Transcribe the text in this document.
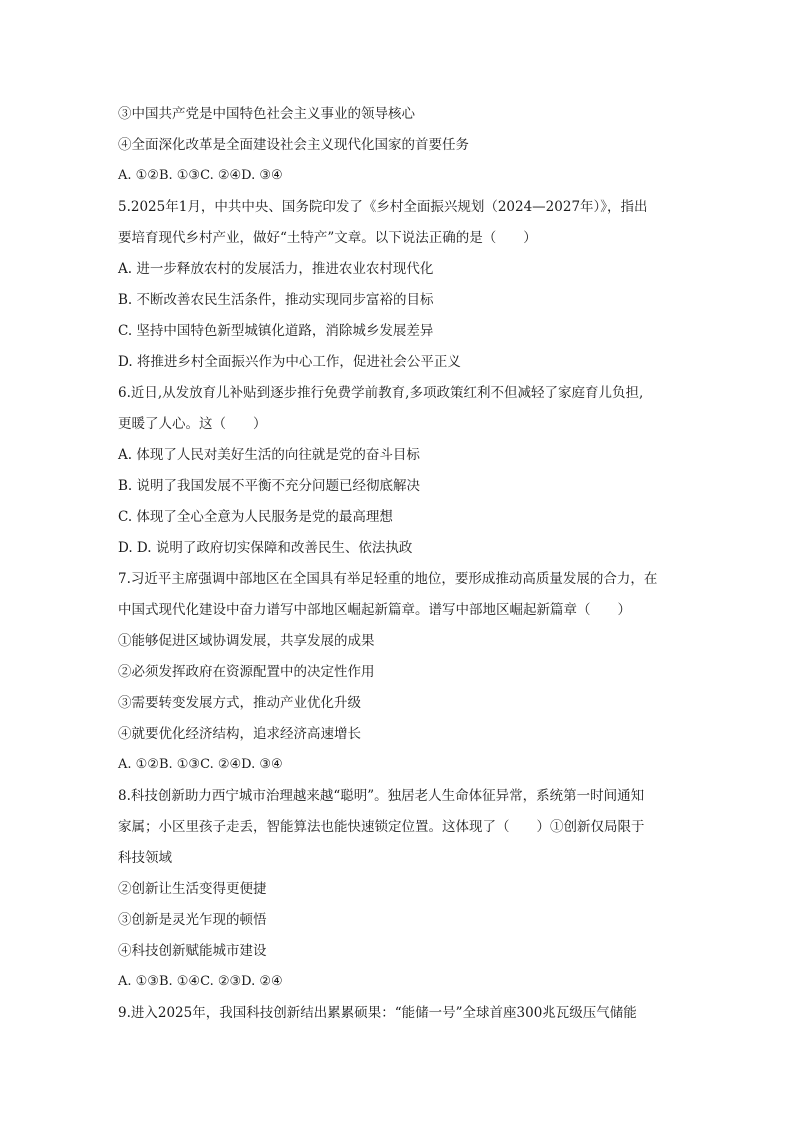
③中国共产党是中国特色社会主义事业的领导核心
④全面深化改革是全面建设社会主义现代化国家的首要任务
A. ①②B. ①③C. ②④D. ③④
5.2025年1月，中共中央、国务院印发了《乡村全面振兴规划（2024—2027年）》，指出
要培育现代乡村产业，做好“土特产”文章。以下说法正确的是（　　）
A. 进一步释放农村的发展活力，推进农业农村现代化
B. 不断改善农民生活条件，推动实现同步富裕的目标
C. 坚持中国特色新型城镇化道路，消除城乡发展差异
D. 将推进乡村全面振兴作为中心工作，促进社会公平正义
6.近日,从发放育儿补贴到逐步推行免费学前教育,多项政策红利不但减轻了家庭育儿负担,
更暖了人心。这（　　）
A. 体现了人民对美好生活的向往就是党的奋斗目标
B. 说明了我国发展不平衡不充分问题已经彻底解决
C. 体现了全心全意为人民服务是党的最高理想
D. D. 说明了政府切实保障和改善民生、依法执政
7.习近平主席强调中部地区在全国具有举足轻重的地位，要形成推动高质量发展的合力，在
中国式现代化建设中奋力谱写中部地区崛起新篇章。谱写中部地区崛起新篇章（　　）
①能够促进区域协调发展，共享发展的成果
②必须发挥政府在资源配置中的决定性作用
③需要转变发展方式，推动产业优化升级
④就要优化经济结构，追求经济高速增长
A. ①②B. ①③C. ②④D. ③④
8.科技创新助力西宁城市治理越来越“聪明”。独居老人生命体征异常，系统第一时间通知
家属；小区里孩子走丢，智能算法也能快速锁定位置。这体现了（　　）①创新仅局限于
科技领域
②创新让生活变得更便捷
③创新是灵光乍现的顿悟
④科技创新赋能城市建设
A. ①③B. ①④C. ②③D. ②④
9.进入2025年，我国科技创新结出累累硕果：“能储一号”全球首座300兆瓦级压气储能
